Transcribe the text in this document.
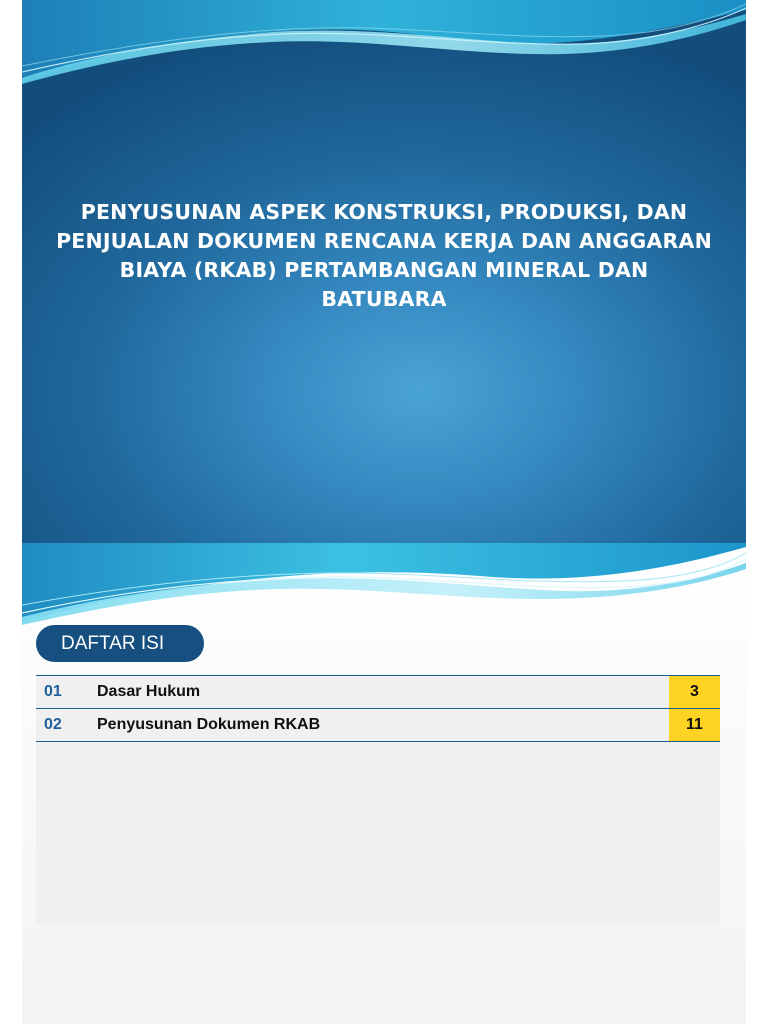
PENYUSUNAN ASPEK KONSTRUKSI, PRODUKSI, DAN
PENJUALAN DOKUMEN RENCANA KERJA DAN ANGGARAN
BIAYA (RKAB) PERTAMBANGAN MINERAL DAN
BATUBARA
DAFTAR ISI
01 Dasar Hukum	3
02 Penyusunan Dokumen RKAB	11
